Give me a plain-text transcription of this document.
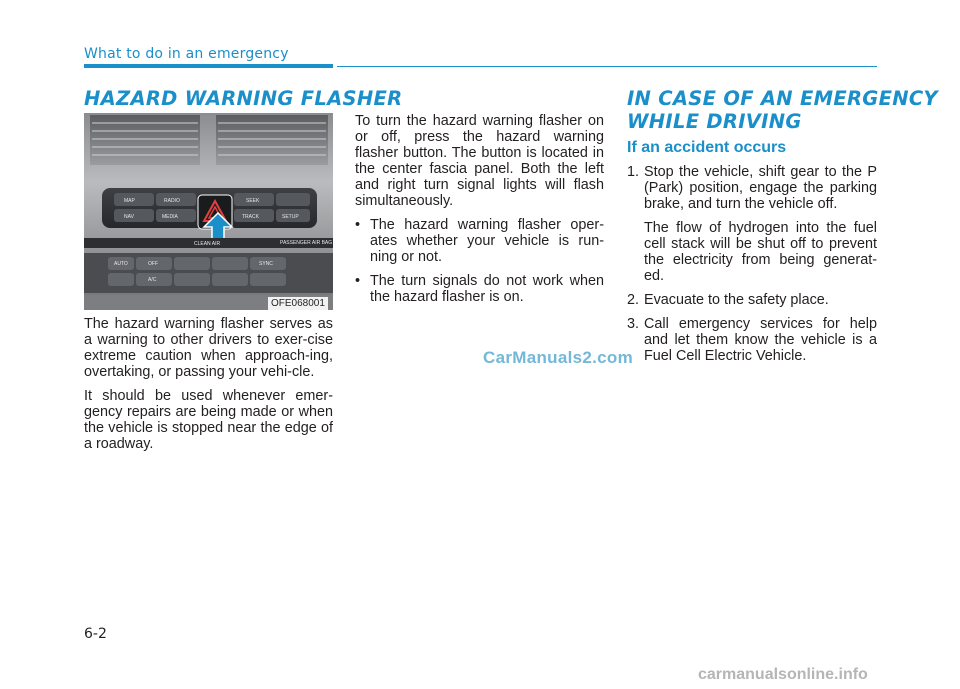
What to do in an emergency
HAZARD WARNING FLASHER
MAP	RADIO
NAV	MEDIA
SEEK
TRACK	SETUP
CLEAN AIR	PASSENGER AIR BAG
AUTO	OFF	SYNC
A/C
OFE068001

The hazard warning flasher serves as a warning to other drivers to exer-cise extreme caution when approach-ing, overtaking, or passing your vehi-cle.

It should be used whenever emer-gency repairs are being made or when the vehicle is stopped near the edge of a roadway.

To turn the hazard warning flasher on or off, press the hazard warning flasher button. The button is located in the center fascia panel. Both the left and right turn signal lights will flash simultaneously.

• The hazard warning flasher oper-ates whether your vehicle is run-ning or not.
• The turn signals do not work when the hazard flasher is on.
CarManuals2.com
IN CASE OF AN EMERGENCY
WHILE DRIVING
If an accident occurs
1. Stop the vehicle, shift gear to the P (Park) position, engage the parking brake, and turn the vehicle off.
The flow of hydrogen into the fuel cell stack will be shut off to prevent the electricity from being generat-ed.
2. Evacuate to the safety place.
3. Call emergency services for help and let them know the vehicle is a Fuel Cell Electric Vehicle.
6-2
carmanualsonline.info
